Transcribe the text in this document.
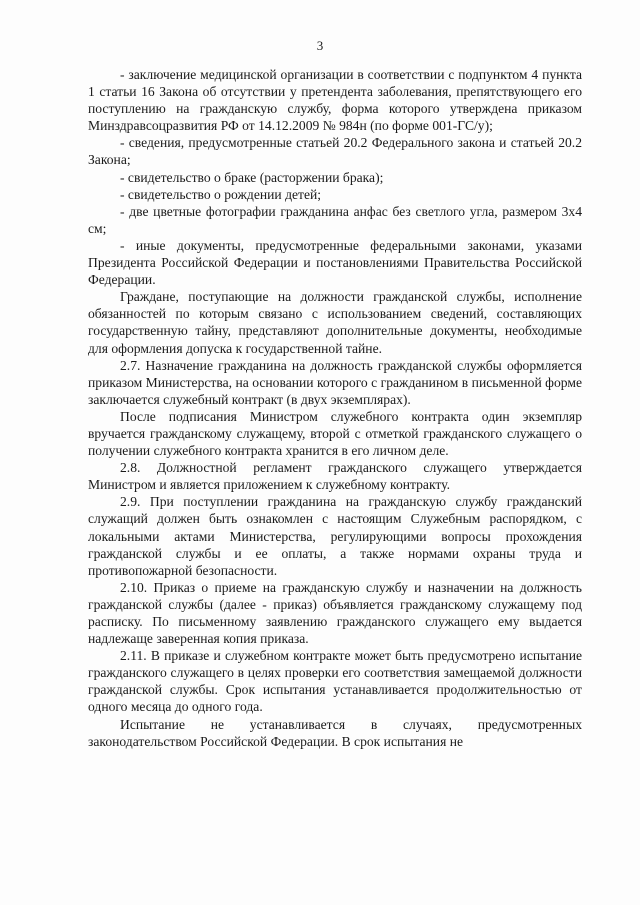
3

- заключение медицинской организации в соответствии с подпунктом 4 пункта 1 статьи 16 Закона об отсутствии у претендента заболевания, препятствующего его поступлению на гражданскую службу, форма которого утверждена приказом Минздравсоцразвития РФ от 14.12.2009 № 984н (по форме 001-ГС/у);

- сведения, предусмотренные статьей 20.2 Федерального закона и статьей 20.2 Закона;

- свидетельство о браке (расторжении брака);

- свидетельство о рождении детей;

- две цветные фотографии гражданина анфас без светлого угла, размером 3х4 см;

- иные документы, предусмотренные федеральными законами, указами Президента Российской Федерации и постановлениями Правительства Российской Федерации.

Граждане, поступающие на должности гражданской службы, исполнение обязанностей по которым связано с использованием сведений, составляющих государственную тайну, представляют дополнительные документы, необходимые для оформления допуска к государственной тайне.

2.7. Назначение гражданина на должность гражданской службы оформляется приказом Министерства, на основании которого с гражданином в письменной форме заключается служебный контракт (в двух экземплярах).

После подписания Министром служебного контракта один экземпляр вручается гражданскому служащему, второй с отметкой гражданского служащего о получении служебного контракта хранится в его личном деле.

2.8. Должностной регламент гражданского служащего утверждается Министром и является приложением к служебному контракту.

2.9. При поступлении гражданина на гражданскую службу гражданский служащий должен быть ознакомлен с настоящим Служебным распорядком, с локальными актами Министерства, регулирующими вопросы прохождения гражданской службы и ее оплаты, а также нормами охраны труда и противопожарной безопасности.

2.10. Приказ о приеме на гражданскую службу и назначении на должность гражданской службы (далее - приказ) объявляется гражданскому служащему под расписку. По письменному заявлению гражданского служащего ему выдается надлежаще заверенная копия приказа.

2.11. В приказе и служебном контракте может быть предусмотрено испытание гражданского служащего в целях проверки его соответствия замещаемой должности гражданской службы. Срок испытания устанавливается продолжительностью от одного месяца до одного года.

Испытание не устанавливается в случаях, предусмотренных законодательством Российской Федерации. В срок испытания не
